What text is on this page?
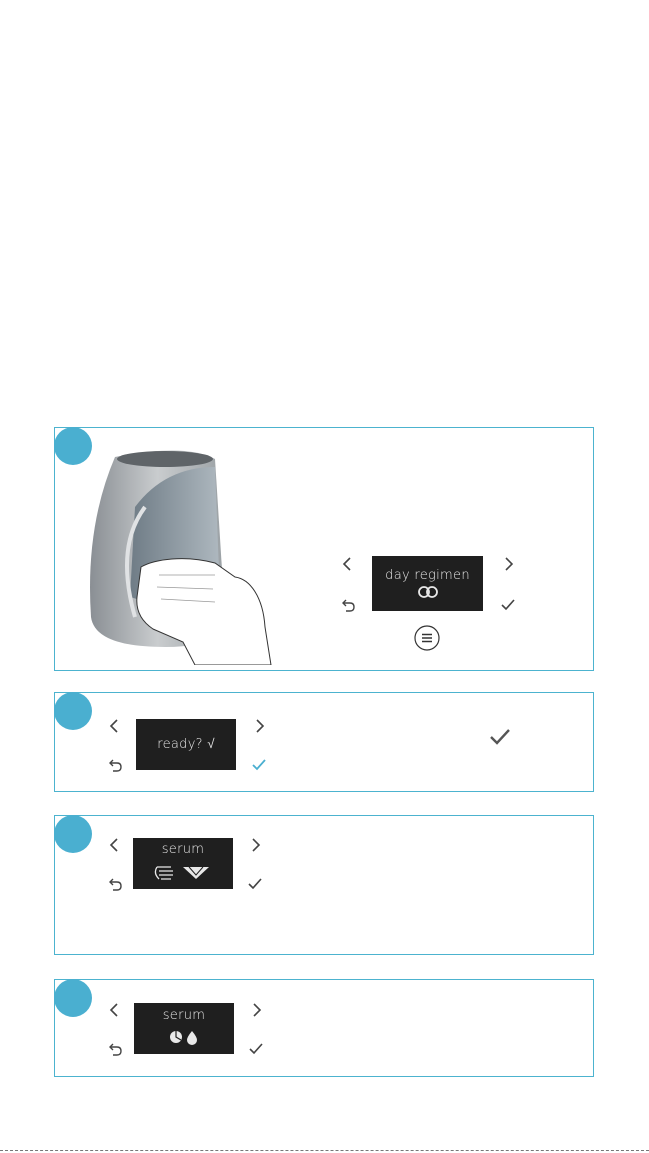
day regimen
ready? √
serum
serum
